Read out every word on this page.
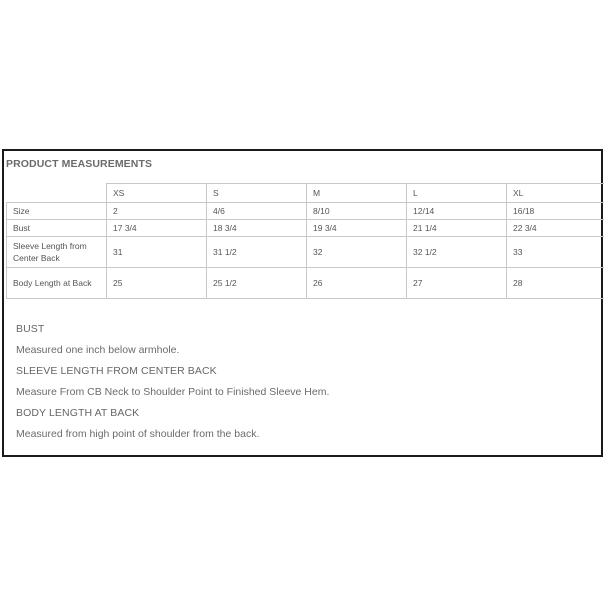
PRODUCT MEASUREMENTS
	XS	S	M	L	XL
Size	2	4/6	8/10	12/14	16/18
Bust	17 3/4	18 3/4	19 3/4	21 1/4	22 3/4
Sleeve Length from Center Back	31	31 1/2	32	32 1/2	33
Body Length at Back	25	25 1/2	26	27	28
BUST
Measured one inch below armhole.
SLEEVE LENGTH FROM CENTER BACK
Measure From CB Neck to Shoulder Point to Finished Sleeve Hem.
BODY LENGTH AT BACK
Measured from high point of shoulder from the back.
